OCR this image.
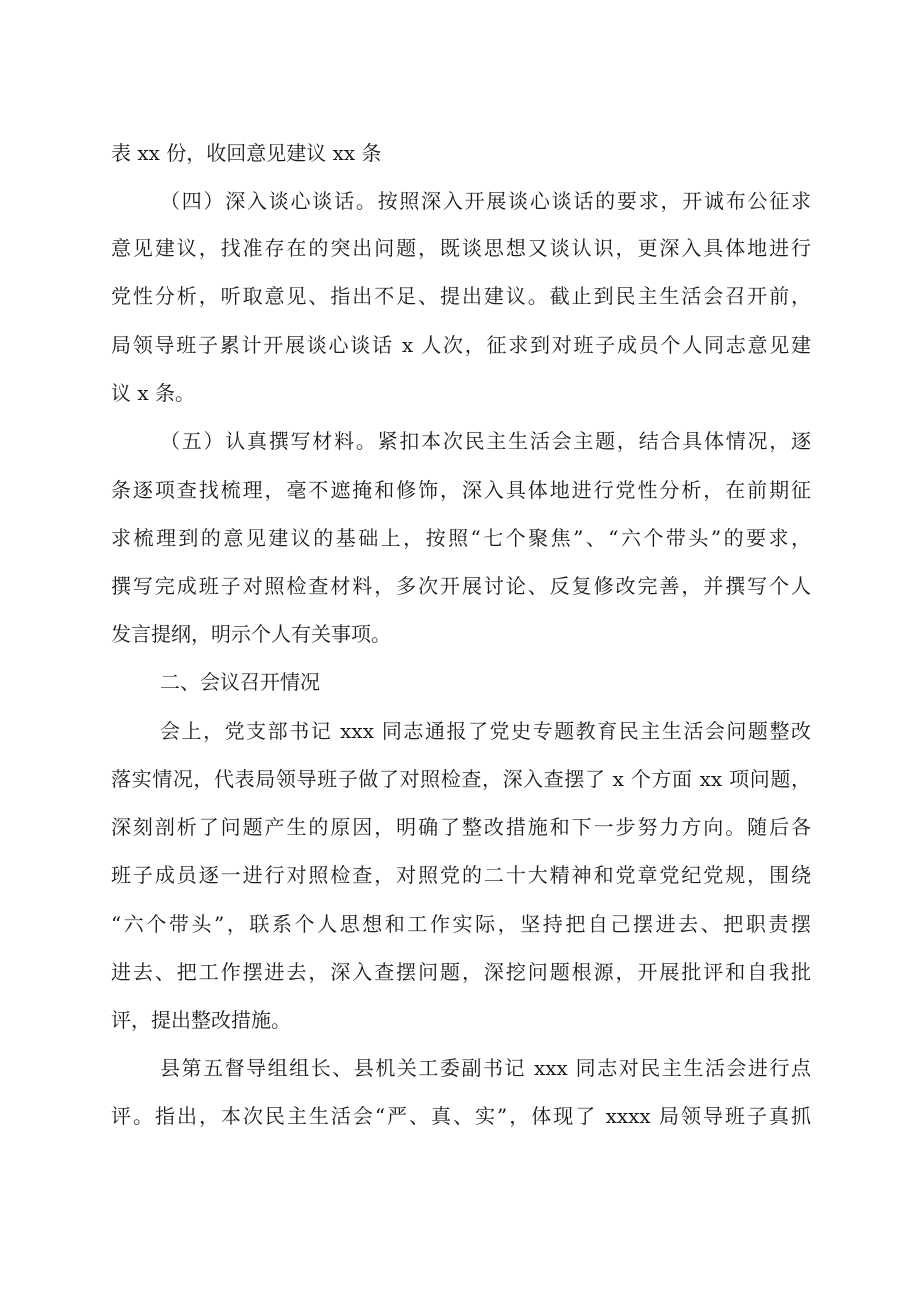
表 xx 份，收回意见建议 xx 条
（四）深入谈心谈话。按照深入开展谈心谈话的要求，开诚布公征求
意见建议，找准存在的突出问题，既谈思想又谈认识，更深入具体地进行
党性分析，听取意见、指出不足、提出建议。截止到民主生活会召开前，
局领导班子累计开展谈心谈话 x 人次，征求到对班子成员个人同志意见建
议 x 条。
（五）认真撰写材料。紧扣本次民主生活会主题，结合具体情况，逐
条逐项查找梳理，毫不遮掩和修饰，深入具体地进行党性分析，在前期征
求梳理到的意见建议的基础上，按照“七个聚焦”、“六个带头”的要求，
撰写完成班子对照检查材料，多次开展讨论、反复修改完善，并撰写个人
发言提纲，明示个人有关事项。
二、会议召开情况
会上，党支部书记 xxx 同志通报了党史专题教育民主生活会问题整改
落实情况，代表局领导班子做了对照检查，深入查摆了 x 个方面 xx 项问题，
深刻剖析了问题产生的原因，明确了整改措施和下一步努力方向。随后各
班子成员逐一进行对照检查，对照党的二十大精神和党章党纪党规，围绕
“六个带头”，联系个人思想和工作实际，坚持把自己摆进去、把职责摆
进去、把工作摆进去，深入查摆问题，深挖问题根源，开展批评和自我批
评，提出整改措施。
县第五督导组组长、县机关工委副书记 xxx 同志对民主生活会进行点
评。指出，本次民主生活会“严、真、实”，体现了 xxxx 局领导班子真抓
